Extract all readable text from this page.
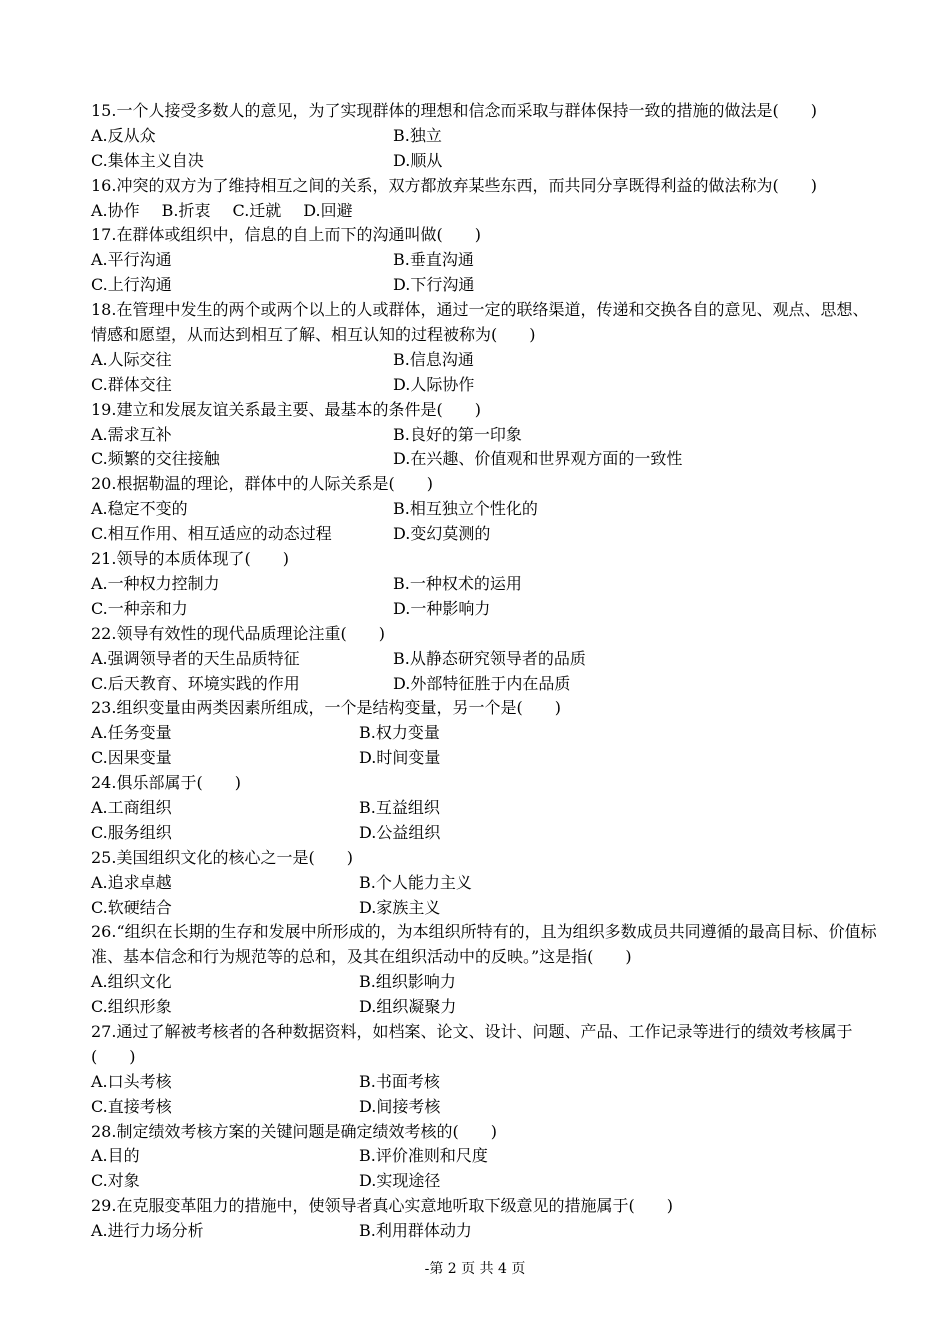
15.一个人接受多数人的意见，为了实现群体的理想和信念而采取与群体保持一致的措施的做法是(　　)
A.反从众	B.独立
C.集体主义自决	D.顺从
16.冲突的双方为了维持相互之间的关系，双方都放弃某些东西，而共同分享既得利益的做法称为(　　)
A.协作 B.折衷 C.迁就 D.回避
17.在群体或组织中，信息的自上而下的沟通叫做(　　)
A.平行沟通	B.垂直沟通
C.上行沟通	D.下行沟通
18.在管理中发生的两个或两个以上的人或群体，通过一定的联络渠道，传递和交换各自的意见、观点、思想、情感和愿望，从而达到相互了解、相互认知的过程被称为(　　)
A.人际交往	B.信息沟通
C.群体交往	D.人际协作
19.建立和发展友谊关系最主要、最基本的条件是(　　)
A.需求互补	B.良好的第一印象
C.频繁的交往接触	D.在兴趣、价值观和世界观方面的一致性
20.根据勒温的理论，群体中的人际关系是(　　)
A.稳定不变的	B.相互独立个性化的
C.相互作用、相互适应的动态过程	D.变幻莫测的
21.领导的本质体现了(　　)
A.一种权力控制力	B.一种权术的运用
C.一种亲和力	D.一种影响力
22.领导有效性的现代品质理论注重(　　)
A.强调领导者的天生品质特征	B.从静态研究领导者的品质
C.后天教育、环境实践的作用	D.外部特征胜于内在品质
23.组织变量由两类因素所组成，一个是结构变量，另一个是(　　)
A.任务变量	B.权力变量
C.因果变量	D.时间变量
24.俱乐部属于(　　)
A.工商组织	B.互益组织
C.服务组织	D.公益组织
25.美国组织文化的核心之一是(　　)
A.追求卓越	B.个人能力主义
C.软硬结合	D.家族主义
26.“组织在长期的生存和发展中所形成的，为本组织所特有的，且为组织多数成员共同遵循的最高目标、价值标准、基本信念和行为规范等的总和，及其在组织活动中的反映。”这是指(　　)
A.组织文化	B.组织影响力
C.组织形象	D.组织凝聚力
27.通过了解被考核者的各种数据资料，如档案、论文、设计、问题、产品、工作记录等进行的绩效考核属于(　　)
A.口头考核	B.书面考核
C.直接考核	D.间接考核
28.制定绩效考核方案的关键问题是确定绩效考核的(　　)
A.目的	B.评价准则和尺度
C.对象	D.实现途径
29.在克服变革阻力的措施中，使领导者真心实意地听取下级意见的措施属于(　　)
A.进行力场分析	B.利用群体动力
-第 2 页 共 4 页
